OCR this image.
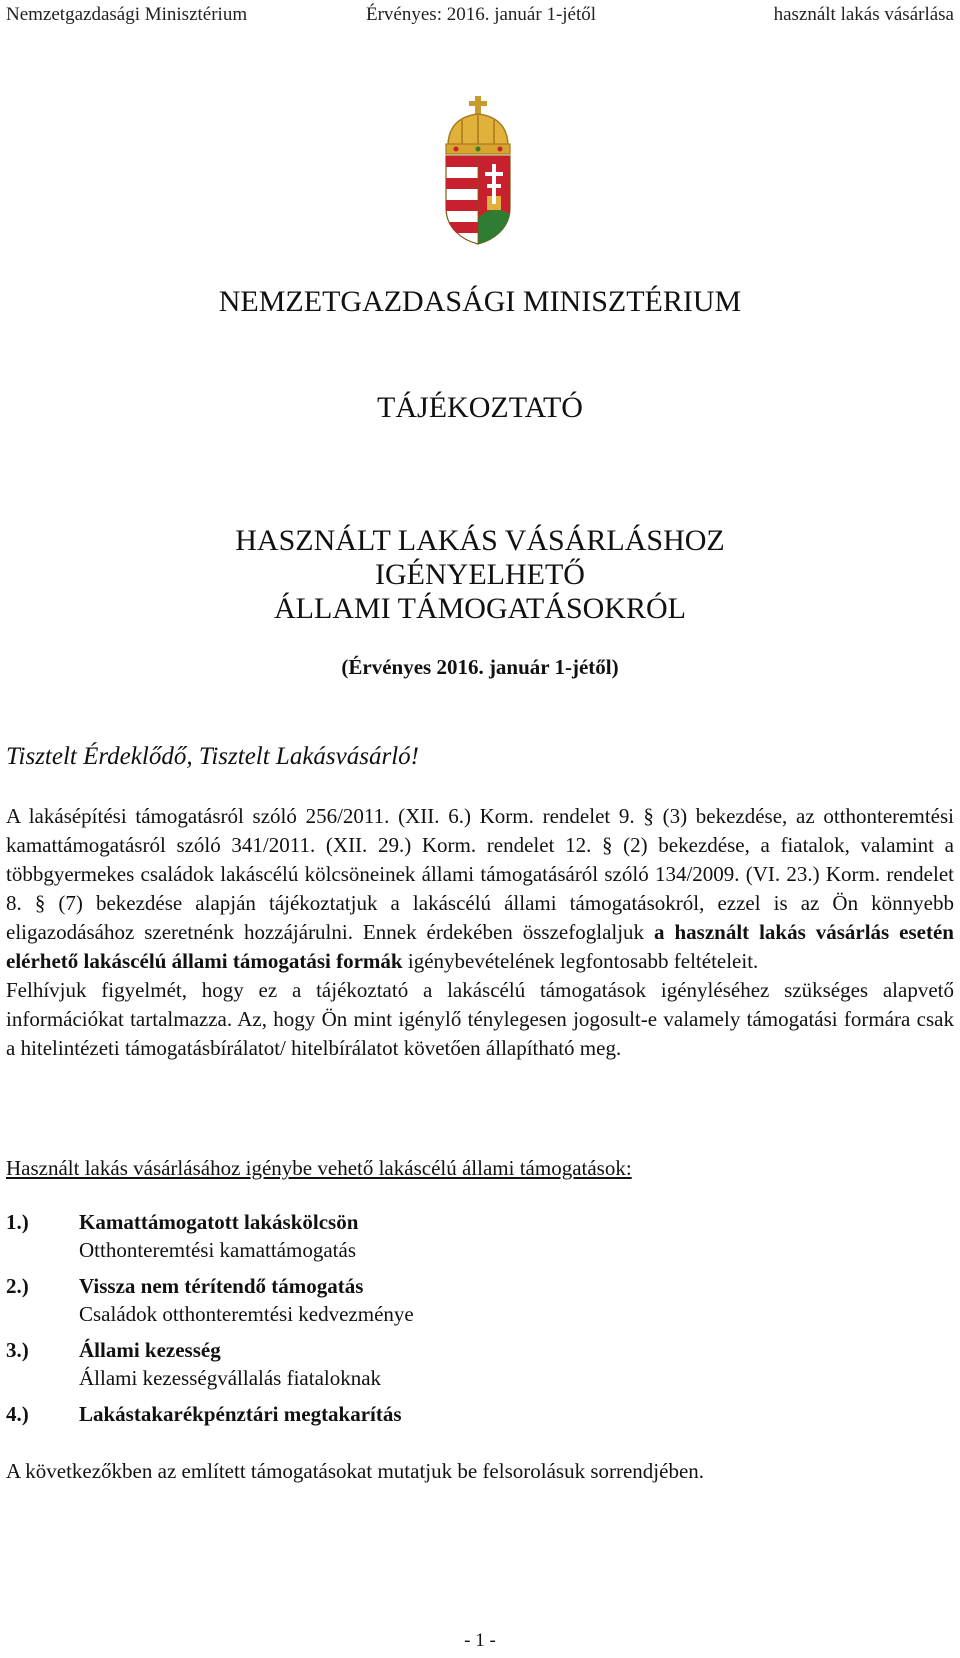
Nemzetgazdasági Minisztérium	Érvényes: 2016. január 1-jétől	használt lakás vásárlása
NEMZETGAZDASÁGI MINISZTÉRIUM
TÁJÉKOZTATÓ
HASZNÁLT LAKÁS VÁSÁRLÁSHOZ
IGÉNYELHETŐ
ÁLLAMI TÁMOGATÁSOKRÓL
(Érvényes 2016. január 1-jétől)
Tisztelt Érdeklődő, Tisztelt Lakásvásárló!

A lakásépítési támogatásról szóló 256/2011. (XII. 6.) Korm. rendelet 9. § (3) bekezdése, az otthonteremtési kamattámogatásról szóló 341/2011. (XII. 29.) Korm. rendelet 12. § (2) bekezdése, a fiatalok, valamint a többgyermekes családok lakáscélú kölcsöneinek állami támogatásáról szóló 134/2009. (VI. 23.) Korm. rendelet 8. § (7) bekezdése alapján tájékoztatjuk a lakáscélú állami támogatásokról, ezzel is az Ön könnyebb eligazodásához szeretnénk hozzájárulni. Ennek érdekében összefoglaljuk a használt lakás vásárlás esetén elérhető lakáscélú állami támogatási formák igénybevételének legfontosabb feltételeit.

Felhívjuk figyelmét, hogy ez a tájékoztató a lakáscélú támogatások igényléséhez szükséges alapvető információkat tartalmazza. Az, hogy Ön mint igénylő ténylegesen jogosult-e valamely támogatási formára csak a hitelintézeti támogatásbírálatot/ hitelbírálatot követően állapítható meg.

Használt lakás vásárlásához igénybe vehető lakáscélú állami támogatások:
1.) Kamattámogatott lakáskölcsön
Otthonteremtési kamattámogatás
2.) Vissza nem térítendő támogatás
Családok otthonteremtési kedvezménye
3.) Állami kezesség
Állami kezességvállalás fiataloknak
4.) Lakástakarékpénztári megtakarítás
A következőkben az említett támogatásokat mutatjuk be felsorolásuk sorrendjében.
- 1 -
